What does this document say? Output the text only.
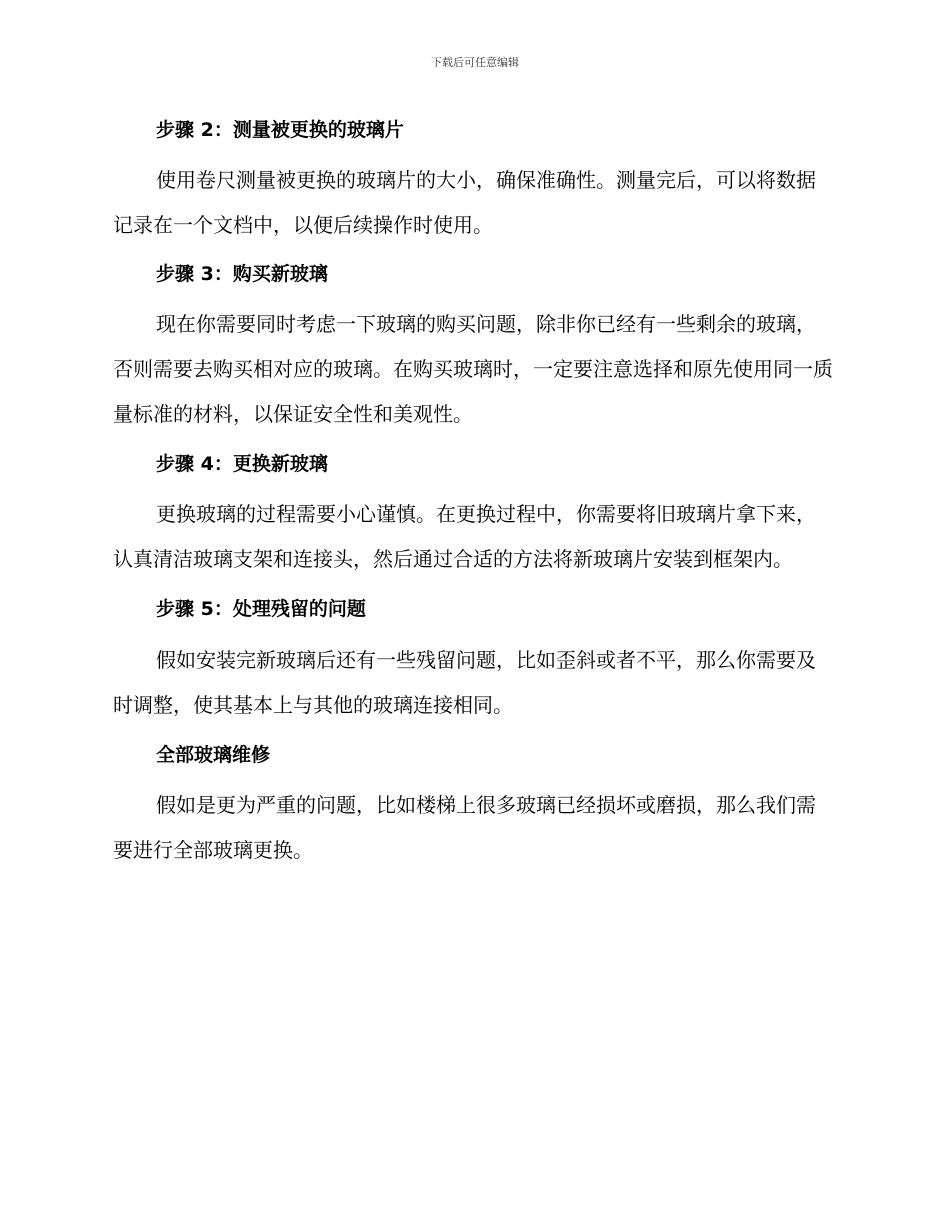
下载后可任意编辑
步骤 2：测量被更换的玻璃片

使用卷尺测量被更换的玻璃片的大小，确保准确性。测量完后，可以将数据记录在一个文档中，以便后续操作时使用。

步骤 3：购买新玻璃

现在你需要同时考虑一下玻璃的购买问题，除非你已经有一些剩余的玻璃，否则需要去购买相对应的玻璃。在购买玻璃时，一定要注意选择和原先使用同一质量标准的材料，以保证安全性和美观性。

步骤 4：更换新玻璃

更换玻璃的过程需要小心谨慎。在更换过程中，你需要将旧玻璃片拿下来，认真清洁玻璃支架和连接头，然后通过合适的方法将新玻璃片安装到框架内。

步骤 5：处理残留的问题

假如安装完新玻璃后还有一些残留问题，比如歪斜或者不平，那么你需要及时调整，使其基本上与其他的玻璃连接相同。

全部玻璃维修

假如是更为严重的问题，比如楼梯上很多玻璃已经损坏或磨损，那么我们需要进行全部玻璃更换。
